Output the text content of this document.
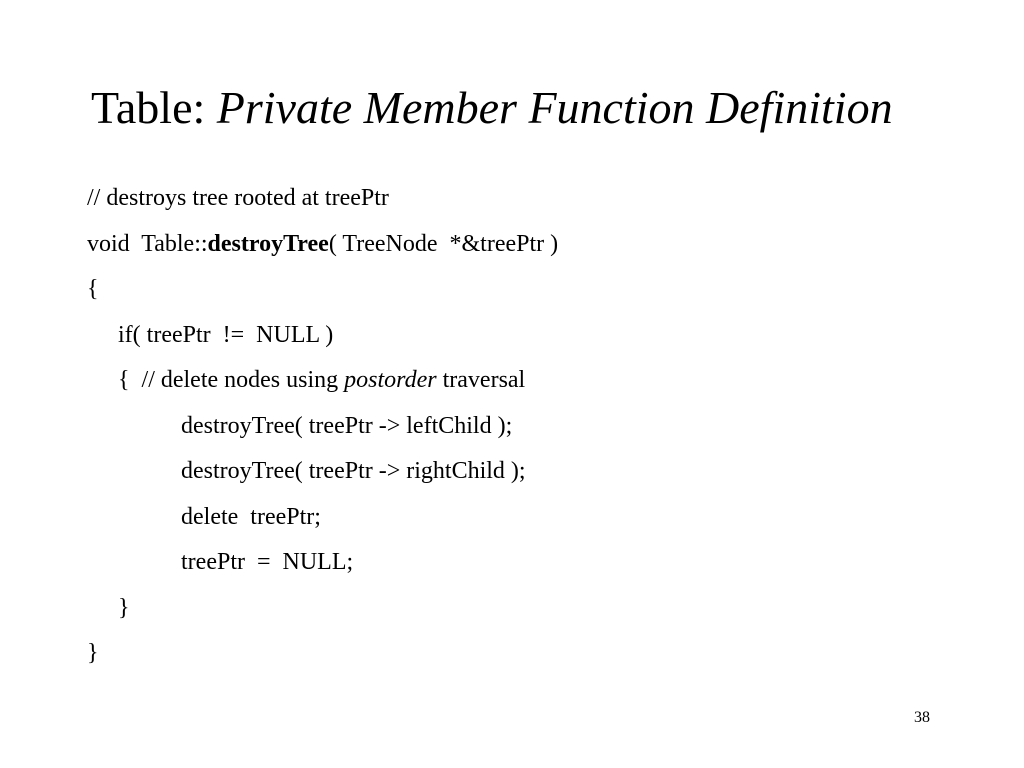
Table: Private Member Function Definition
// destroys tree rooted at treePtr
void  Table::destroyTree( TreeNode  *&treePtr )
{
if( treePtr  !=  NULL )
{  // delete nodes using postorder traversal
destroyTree( treePtr -> leftChild );
destroyTree( treePtr -> rightChild );
delete  treePtr;
treePtr  =  NULL;
}
}
38
